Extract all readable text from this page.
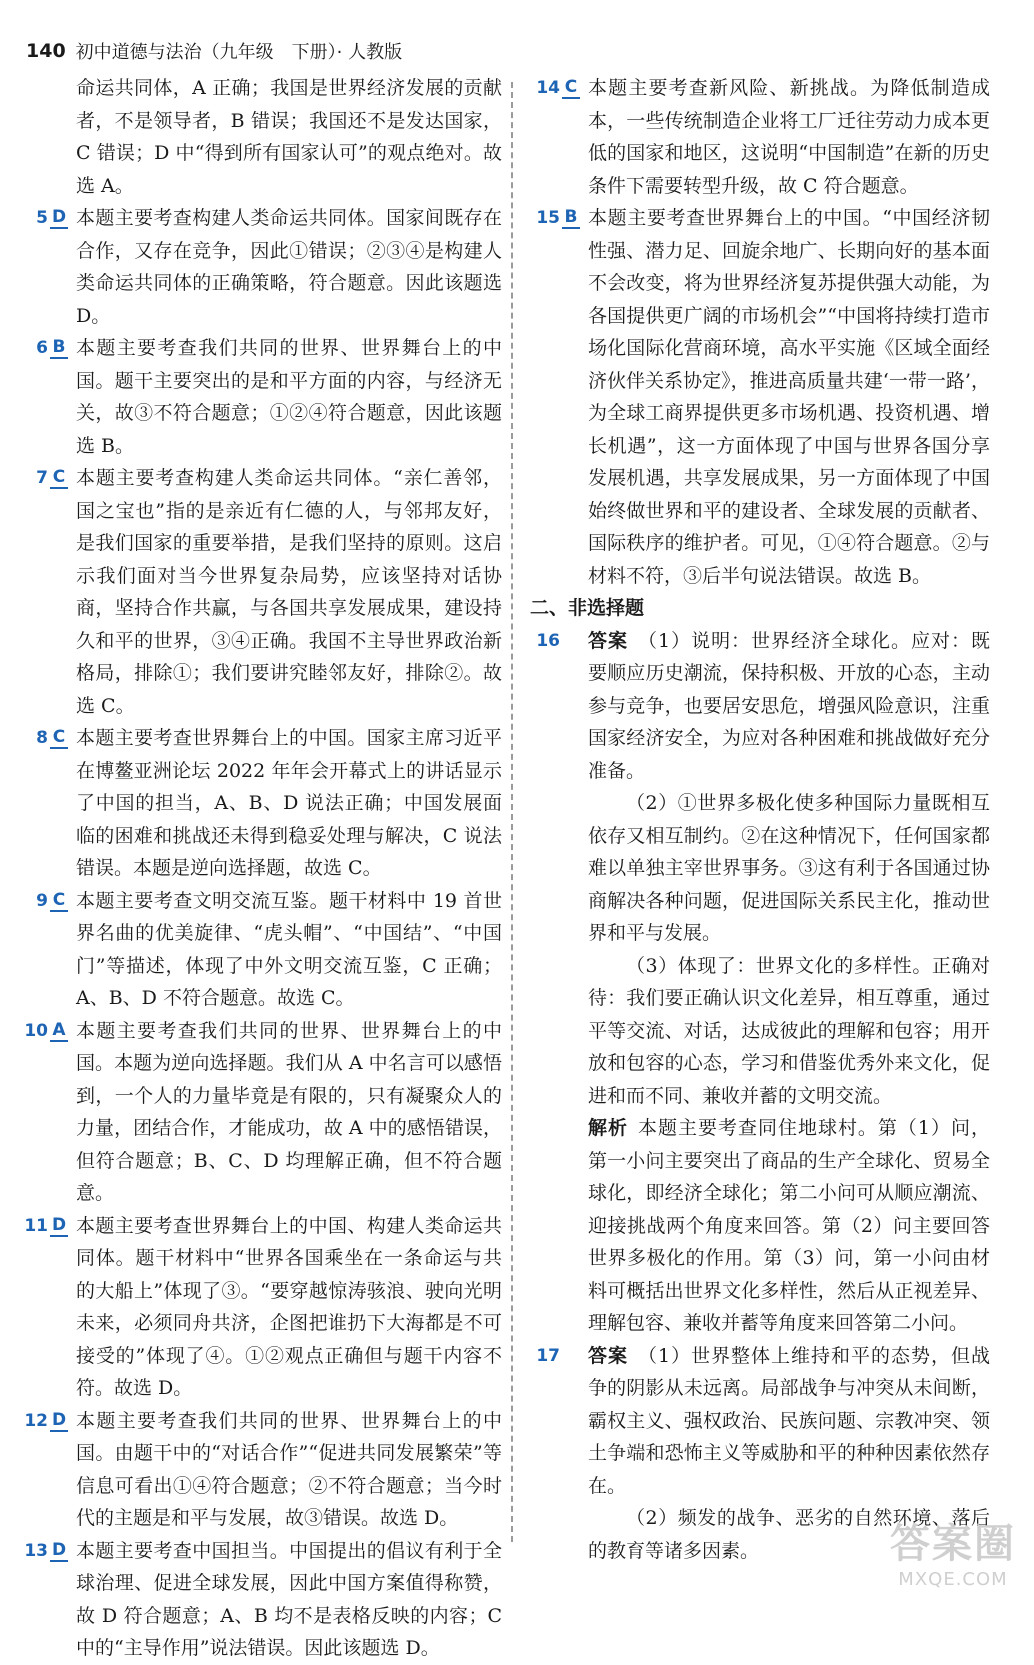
140 初中道德与法治（九年级　下册）· 人教版
命运共同体，A 正确；我国是世界经济发展的贡献者，不是领导者，B 错误；我国还不是发达国家，C 错误；D 中“得到所有国家认可”的观点绝对。故选 A。
5 D 本题主要考查构建人类命运共同体。国家间既存在合作，又存在竞争，因此①错误；②③④是构建人类命运共同体的正确策略，符合题意。因此该题选 D。
6 B 本题主要考查我们共同的世界、世界舞台上的中国。题干主要突出的是和平方面的内容，与经济无关，故③不符合题意；①②④符合题意，因此该题选 B。
7 C 本题主要考查构建人类命运共同体。“亲仁善邻，国之宝也”指的是亲近有仁德的人，与邻邦友好，是我们国家的重要举措，是我们坚持的原则。这启示我们面对当今世界复杂局势，应该坚持对话协商，坚持合作共赢，与各国共享发展成果，建设持久和平的世界，③④正确。我国不主导世界政治新格局，排除①；我们要讲究睦邻友好，排除②。故选 C。
8 C 本题主要考查世界舞台上的中国。国家主席习近平在博鳌亚洲论坛 2022 年年会开幕式上的讲话显示了中国的担当，A、B、D 说法正确；中国发展面临的困难和挑战还未得到稳妥处理与解决，C 说法错误。本题是逆向选择题，故选 C。
9 C 本题主要考查文明交流互鉴。题干材料中 19 首世界名曲的优美旋律、“虎头帽”、“中国结”、“中国门”等描述，体现了中外文明交流互鉴，C 正确；A、B、D 不符合题意。故选 C。
10 A 本题主要考查我们共同的世界、世界舞台上的中国。本题为逆向选择题。我们从 A 中名言可以感悟到，一个人的力量毕竟是有限的，只有凝聚众人的力量，团结合作，才能成功，故 A 中的感悟错误，但符合题意；B、C、D 均理解正确，但不符合题意。
11 D 本题主要考查世界舞台上的中国、构建人类命运共同体。题干材料中“世界各国乘坐在一条命运与共的大船上”体现了③。“要穿越惊涛骇浪、驶向光明未来，必须同舟共济，企图把谁扔下大海都是不可接受的”体现了④。①②观点正确但与题干内容不符。故选 D。
12 D 本题主要考查我们共同的世界、世界舞台上的中国。由题干中的“对话合作”“促进共同发展繁荣”等信息可看出①④符合题意；②不符合题意；当今时代的主题是和平与发展，故③错误。故选 D。
13 D 本题主要考查中国担当。中国提出的倡议有利于全球治理、促进全球发展，因此中国方案值得称赞，故 D 符合题意；A、B 均不是表格反映的内容；C 中的“主导作用”说法错误。因此该题选 D。
14 C 本题主要考查新风险、新挑战。为降低制造成本，一些传统制造企业将工厂迁往劳动力成本更低的国家和地区，这说明“中国制造”在新的历史条件下需要转型升级，故 C 符合题意。
15 B 本题主要考查世界舞台上的中国。“中国经济韧性强、潜力足、回旋余地广、长期向好的基本面不会改变，将为世界经济复苏提供强大动能，为各国提供更广阔的市场机会”“中国将持续打造市场化国际化营商环境，高水平实施《区域全面经济伙伴关系协定》，推进高质量共建‘一带一路’，为全球工商界提供更多市场机遇、投资机遇、增长机遇”，这一方面体现了中国与世界各国分享发展机遇，共享发展成果，另一方面体现了中国始终做世界和平的建设者、全球发展的贡献者、国际秩序的维护者。可见，①④符合题意。②与材料不符，③后半句说法错误。故选 B。
二、非选择题
16 答案 （1）说明：世界经济全球化。应对：既要顺应历史潮流，保持积极、开放的心态，主动参与竞争，也要居安思危，增强风险意识，注重国家经济安全，为应对各种困难和挑战做好充分准备。

（2）①世界多极化使多种国际力量既相互依存又相互制约。②在这种情况下，任何国家都难以单独主宰世界事务。③这有利于各国通过协商解决各种问题，促进国际关系民主化，推动世界和平与发展。

（3）体现了：世界文化的多样性。正确对待：我们要正确认识文化差异，相互尊重，通过平等交流、对话，达成彼此的理解和包容；用开放和包容的心态，学习和借鉴优秀外来文化，促进和而不同、兼收并蓄的文明交流。

解析 本题主要考查同住地球村。第（1）问，第一小问主要突出了商品的生产全球化、贸易全球化，即经济全球化；第二小问可从顺应潮流、迎接挑战两个角度来回答。第（2）问主要回答世界多极化的作用。第（3）问，第一小问由材料可概括出世界文化多样性，然后从正视差异、理解包容、兼收并蓄等角度来回答第二小问。

17 答案 （1）世界整体上维持和平的态势，但战争的阴影从未远离。局部战争与冲突从未间断，霸权主义、强权政治、民族问题、宗教冲突、领土争端和恐怖主义等威胁和平的种种因素依然存在。

（2）频发的战争、恶劣的自然环境、落后的教育等诸多因素。	答案圈
MXQE.COM
